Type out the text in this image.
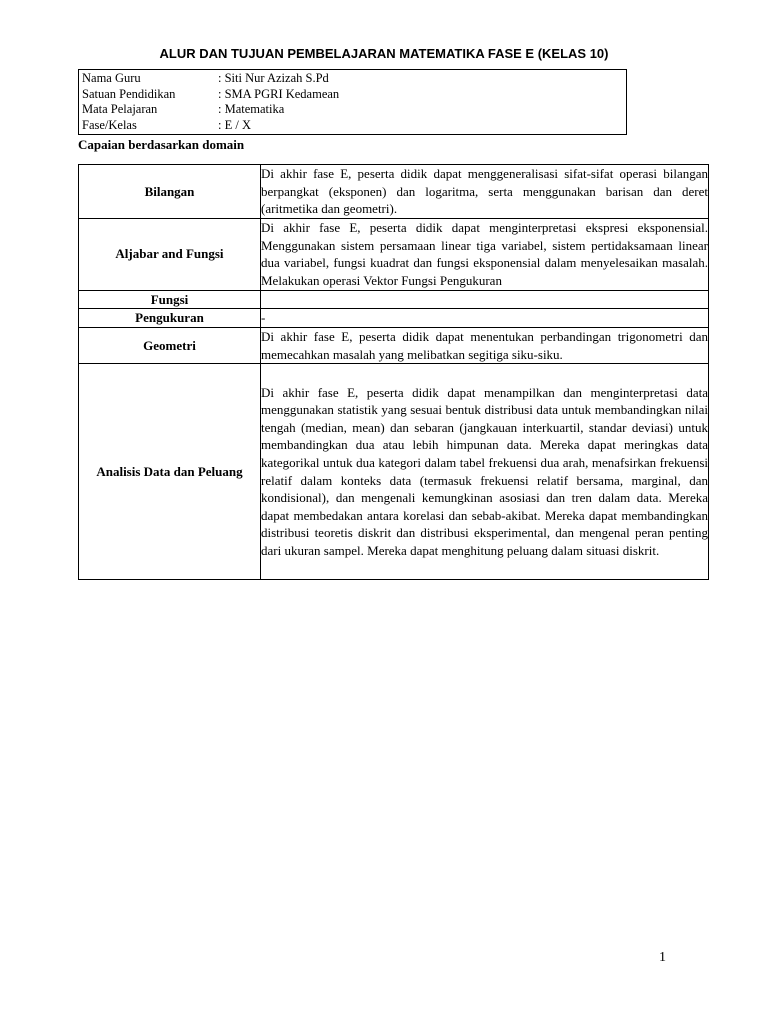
ALUR DAN TUJUAN PEMBELAJARAN MATEMATIKA FASE E (KELAS 10)
Nama Guru	: Siti Nur Azizah S.Pd
Satuan Pendidikan	: SMA PGRI Kedamean
Mata Pelajaran	: Matematika
Fase/Kelas	: E / X
Capaian berdasarkan domain
Bilangan	Di akhir fase E, peserta didik dapat menggeneralisasi sifat-sifat operasi bilangan berpangkat (eksponen) dan logaritma, serta menggunakan barisan dan deret (aritmetika dan geometri).
Aljabar and Fungsi	Di akhir fase E, peserta didik dapat menginterpretasi ekspresi eksponensial. Menggunakan sistem persamaan linear tiga variabel, sistem pertidaksamaan linear dua variabel, fungsi kuadrat dan fungsi eksponensial dalam menyelesaikan masalah. Melakukan operasi Vektor Fungsi Pengukuran
Fungsi	
Pengukuran	-
Geometri	Di akhir fase E, peserta didik dapat menentukan perbandingan trigonometri dan memecahkan masalah yang melibatkan segitiga siku-siku.
Analisis Data dan Peluang	Di akhir fase E, peserta didik dapat menampilkan dan menginterpretasi data menggunakan statistik yang sesuai bentuk distribusi data untuk membandingkan nilai tengah (median, mean) dan sebaran (jangkauan interkuartil, standar deviasi) untuk membandingkan dua atau lebih himpunan data. Mereka dapat meringkas data kategorikal untuk dua kategori dalam tabel frekuensi dua arah, menafsirkan frekuensi relatif dalam konteks data (termasuk frekuensi relatif bersama, marginal, dan kondisional), dan mengenali kemungkinan asosiasi dan tren dalam data. Mereka dapat membedakan antara korelasi dan sebab-akibat. Mereka dapat membandingkan distribusi teoretis diskrit dan distribusi eksperimental, dan mengenal peran penting dari ukuran sampel. Mereka dapat menghitung peluang dalam situasi diskrit.
1
